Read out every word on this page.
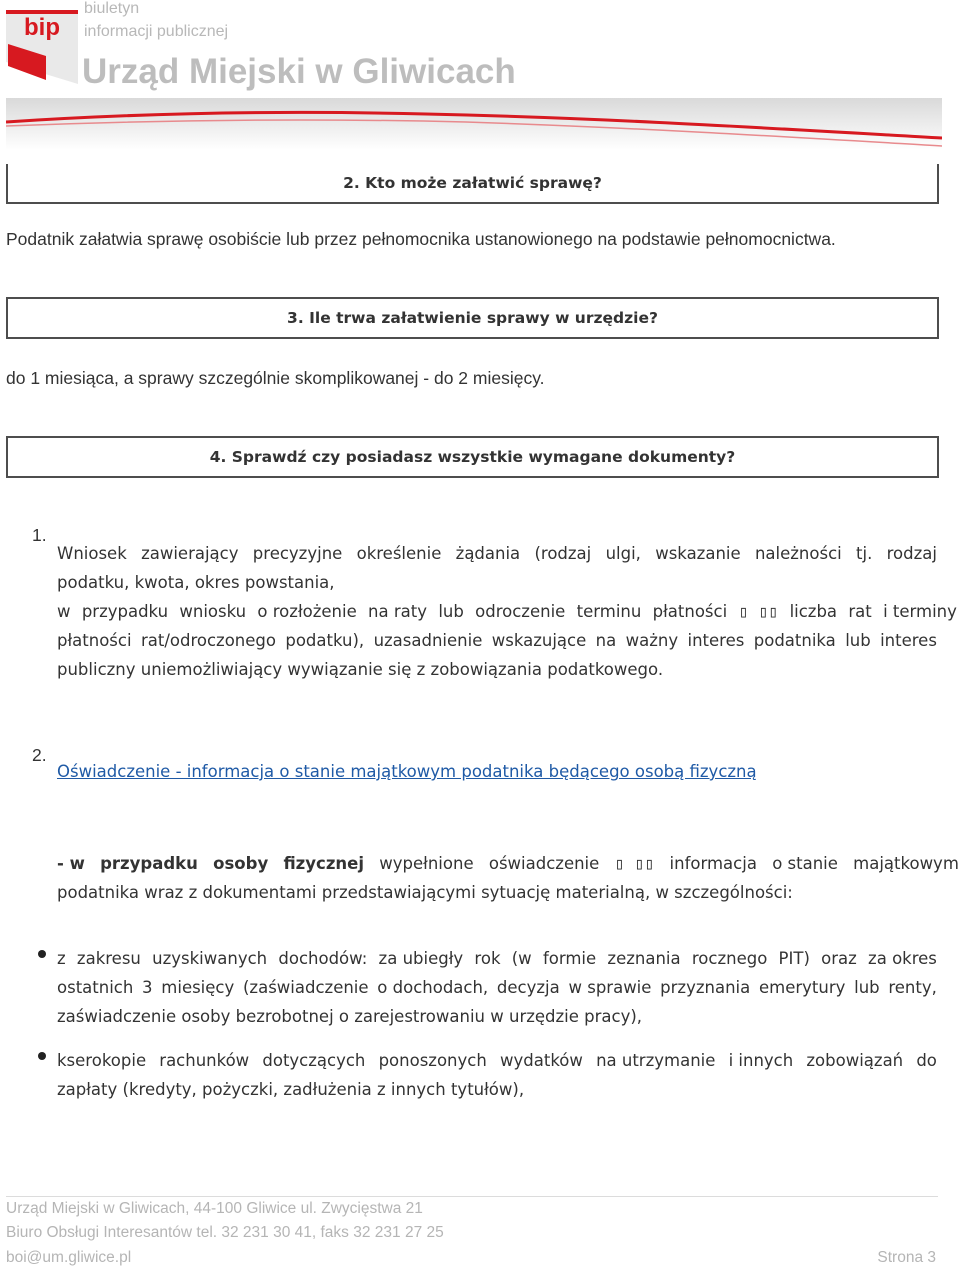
bip
biuletyn
informacji publicznej
Urząd Miejski w Gliwicach
2. Kto może załatwić sprawę?
Podatnik załatwia sprawę osobiście lub przez pełnomocnika ustanowionego na podstawie pełnomocnictwa.
3. Ile trwa załatwienie sprawy w urzędzie?
do 1 miesiąca, a sprawy szczególnie skomplikowanej - do 2 miesięcy.
4. Sprawdź czy posiadasz wszystkie wymagane dokumenty?
1.
Wniosek zawierający precyzyjne określenie żądania (rodzaj ulgi, wskazanie należności tj. rodzaj
podatku, kwota, okres powstania,
w przypadku wniosku o rozłożenie na raty lub odroczenie terminu płatności ▯ ▯▯ liczba rat i terminy
płatności rat/odroczonego podatku), uzasadnienie wskazujące na ważny interes podatnika lub interes
publiczny uniemożliwiający wywiązanie się z zobowiązania podatkowego.
2.
Oświadczenie - informacja o stanie majątkowym podatnika będącego osobą fizyczną
- w przypadku osoby fizycznej wypełnione oświadczenie ▯ ▯▯ informacja o stanie majątkowym
podatnika wraz z dokumentami przedstawiającymi sytuację materialną, w szczególności:
z zakresu uzyskiwanych dochodów: za ubiegły rok (w formie zeznania rocznego PIT) oraz za okres
ostatnich 3 miesięcy (zaświadczenie o dochodach, decyzja w sprawie przyznania emerytury lub renty,
zaświadczenie osoby bezrobotnej o zarejestrowaniu w urzędzie pracy),
kserokopie rachunków dotyczących ponoszonych wydatków na utrzymanie i innych zobowiązań do
zapłaty (kredyty, pożyczki, zadłużenia z innych tytułów),
Urząd Miejski w Gliwicach, 44-100 Gliwice ul. Zwycięstwa 21
Biuro Obsługi Interesantów tel. 32 231 30 41, faks 32 231 27 25
boi@um.gliwice.pl	Strona 3
